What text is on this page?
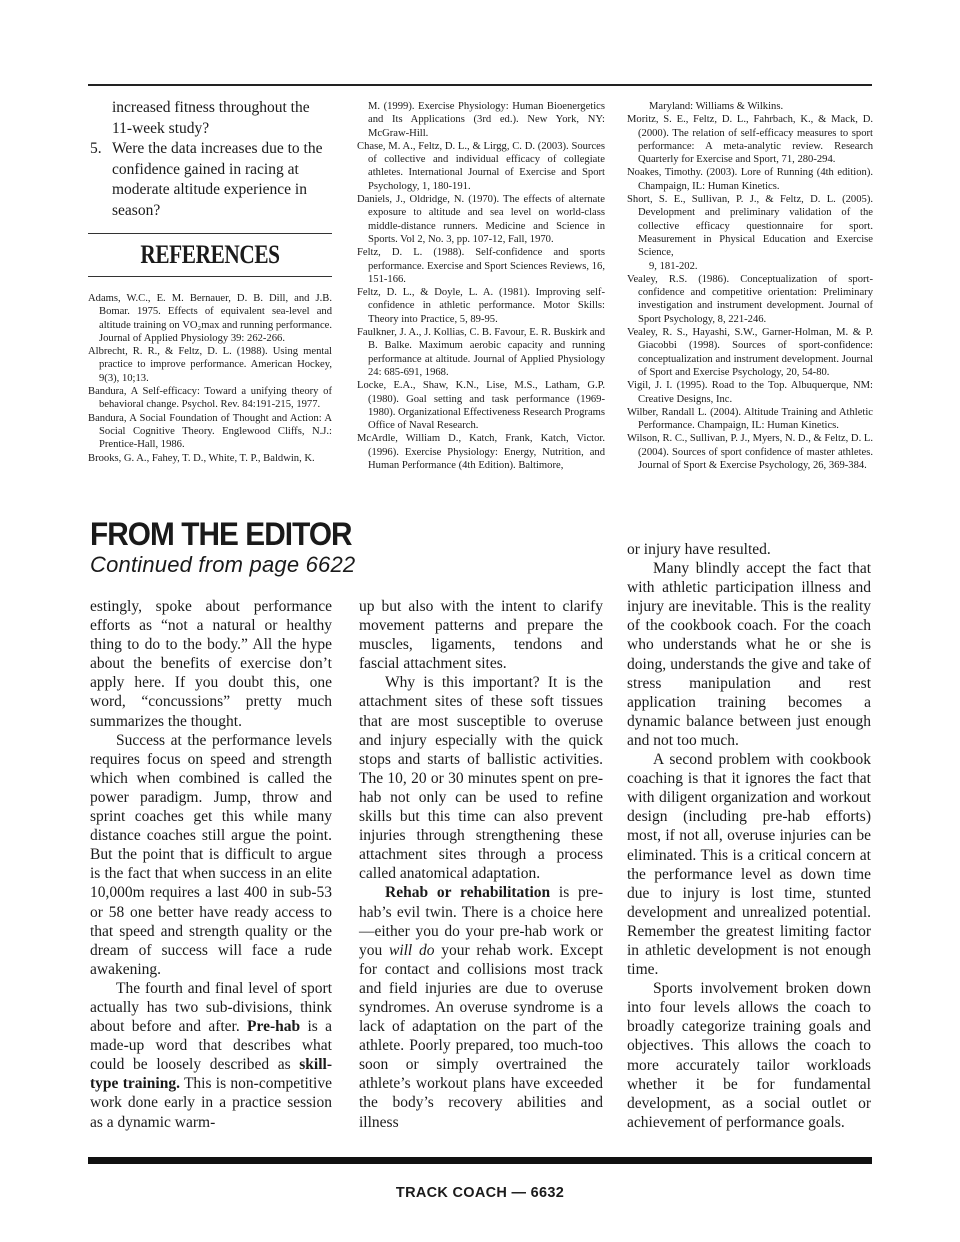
increased fitness throughout the 11-week study?

5. Were the data increases due to the confidence gained in racing at moderate altitude experience in season?

REFERENCES

Adams, W.C., E. M. Bernauer, D. B. Dill, and J.B. Bomar. 1975. Effects of equivalent sea-level and altitude training on VO₂max and running performance. Journal of Applied Physiology 39: 262-266.

Albrecht, R. R., & Feltz, D. L. (1988). Using mental practice to improve performance. American Hockey, 9(3), 10;13.

Bandura, A Self-efficacy: Toward a unifying theory of behavioral change. Psychol. Rev. 84:191-215, 1977.

Bandura, A Social Foundation of Thought and Action: A Social Cognitive Theory. Englewood Cliffs, N.J.: Prentice-Hall, 1986.

Brooks, G. A., Fahey, T. D., White, T. P., Baldwin, K.

M. (1999). Exercise Physiology: Human Bioenergetics and Its Applications (3rd ed.). New York, NY: McGraw-Hill.

Chase, M. A., Feltz, D. L., & Lirgg, C. D. (2003). Sources of collective and individual efficacy of collegiate athletes. International Journal of Exercise and Sport Psychology, 1, 180-191.

Daniels, J., Oldridge, N. (1970). The effects of alternate exposure to altitude and sea level on world-class middle-distance runners. Medicine and Science in Sports. Vol 2, No. 3, pp. 107-12, Fall, 1970.

Feltz, D. L. (1988). Self-confidence and sports performance. Exercise and Sport Sciences Reviews, 16, 151-166.

Feltz, D. L., & Doyle, L. A. (1981). Improving self-confidence in athletic performance. Motor Skills: Theory into Practice, 5, 89-95.

Faulkner, J. A., J. Kollias, C. B. Favour, E. R. Buskirk and B. Balke. Maximum aerobic capacity and running performance at altitude. Journal of Applied Physiology 24: 685-691, 1968.

Locke, E.A., Shaw, K.N., Lise, M.S., Latham, G.P. (1980). Goal setting and task performance (1969-1980). Organizational Effectiveness Research Programs Office of Naval Research.

McArdle, William D., Katch, Frank, Katch, Victor. (1996). Exercise Physiology: Energy, Nutrition, and Human Performance (4th Edition). Baltimore,

Maryland: Williams & Wilkins.

Moritz, S. E., Feltz, D. L., Fahrbach, K., & Mack, D. (2000). The relation of self-efficacy measures to sport performance: A meta-analytic review. Research Quarterly for Exercise and Sport, 71, 280-294.

Noakes, Timothy. (2003). Lore of Running (4th edition). Champaign, IL: Human Kinetics.

Short, S. E., Sullivan, P. J., & Feltz, D. L. (2005). Development and preliminary validation of the collective efficacy questionnaire for sport. Measurement in Physical Education and Exercise Science,

9, 181-202.

Vealey, R.S. (1986). Conceptualization of sport-confidence and competitive orientation: Preliminary investigation and instrument development. Journal of Sport Psychology, 8, 221-246.

Vealey, R. S., Hayashi, S.W., Garner-Holman, M. & P. Giacobbi (1998). Sources of sport-confidence: conceptualization and instrument development. Journal of Sport and Exercise Psychology, 20, 54-80.

Vigil, J. I. (1995). Road to the Top. Albuquerque, NM: Creative Designs, Inc.

Wilber, Randall L. (2004). Altitude Training and Athletic Performance. Champaign, IL: Human Kinetics.

Wilson, R. C., Sullivan, P. J., Myers, N. D., & Feltz, D. L. (2004). Sources of sport confidence of master athletes. Journal of Sport & Exercise Psychology, 26, 369-384.

FROM THE EDITOR
Continued from page 6622

estingly, spoke about performance efforts as “not a natural or healthy thing to do to the body.” All the hype about the benefits of exercise don’t apply here. If you doubt this, one word, “concussions” pretty much summarizes the thought.

Success at the performance levels requires focus on speed and strength which when combined is called the power paradigm. Jump, throw and sprint coaches get this while many distance coaches still argue the point. But the point that is difficult to argue is the fact that when success in an elite 10,000m requires a last 400 in sub-53 or 58 one better have ready access to that speed and strength quality or the dream of success will face a rude awakening.

The fourth and final level of sport actually has two sub-divisions, think about before and after. Pre-hab is a made-up word that describes what could be loosely described as skill-type training. This is non-competitive work done early in a practice session as a dynamic warm-

up but also with the intent to clarify movement patterns and prepare the muscles, ligaments, tendons and fascial attachment sites.

Why is this important? It is the attachment sites of these soft tissues that are most susceptible to overuse and injury especially with the quick stops and starts of ballistic activities. The 10, 20 or 30 minutes spent on pre-hab not only can be used to refine skills but this time can also prevent injuries through strengthening these attachment sites through a process called anatomical adaptation.

Rehab or rehabilitation is pre-hab’s evil twin. There is a choice here—either you do your pre-hab work or you will do your rehab work. Except for contact and collisions most track and field injuries are due to overuse syndromes. An overuse syndrome is a lack of adaptation on the part of the athlete. Poorly prepared, too much-too soon or simply overtrained the athlete’s workout plans have exceeded the body’s recovery abilities and illness

or injury have resulted.

Many blindly accept the fact that with athletic participation illness and injury are inevitable. This is the reality of the cookbook coach. For the coach who understands what he or she is doing, understands the give and take of stress manipulation and rest application training becomes a dynamic balance between just enough and not too much.

A second problem with cookbook coaching is that it ignores the fact that with diligent organization and workout design (including pre-hab efforts) most, if not all, overuse injuries can be eliminated. This is a critical concern at the performance level as down time due to injury is lost time, stunted development and unrealized potential. Remember the greatest limiting factor in athletic development is not enough time.

Sports involvement broken down into four levels allows the coach to broadly categorize training goals and objectives. This allows the coach to more accurately tailor workloads whether it be for fundamental development, as a social outlet or achievement of performance goals.

TRACK COACH — 6632
